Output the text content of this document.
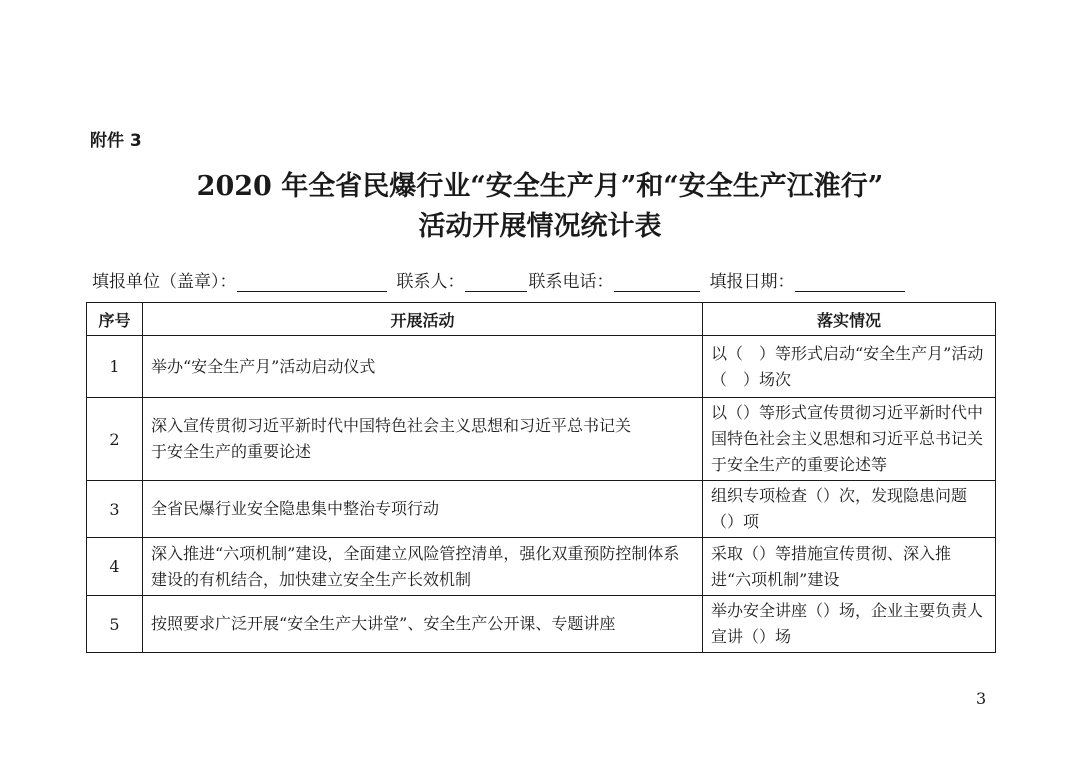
附件 3
2020 年全省民爆行业“安全生产月”和“安全生产江淮行”
活动开展情况统计表
填报单位（盖章）：	联系人：	联系电话：	填报日期：
序号	开展活动	落实情况
1	举办“安全生产月”活动启动仪式	以（　）等形式启动“安全生产月”活动（　）场次
2	深入宣传贯彻习近平新时代中国特色社会主义思想和习近平总书记关于安全生产的重要论述	以（）等形式宣传贯彻习近平新时代中国特色社会主义思想和习近平总书记关于安全生产的重要论述等
3	全省民爆行业安全隐患集中整治专项行动	组织专项检查（）次，发现隐患问题（）项
4	深入推进“六项机制”建设，全面建立风险管控清单，强化双重预防控制体系建设的有机结合，加快建立安全生产长效机制	采取（）等措施宣传贯彻、深入推进“六项机制”建设
5	按照要求广泛开展“安全生产大讲堂”、安全生产公开课、专题讲座	举办安全讲座（）场，企业主要负责人宣讲（）场
3
